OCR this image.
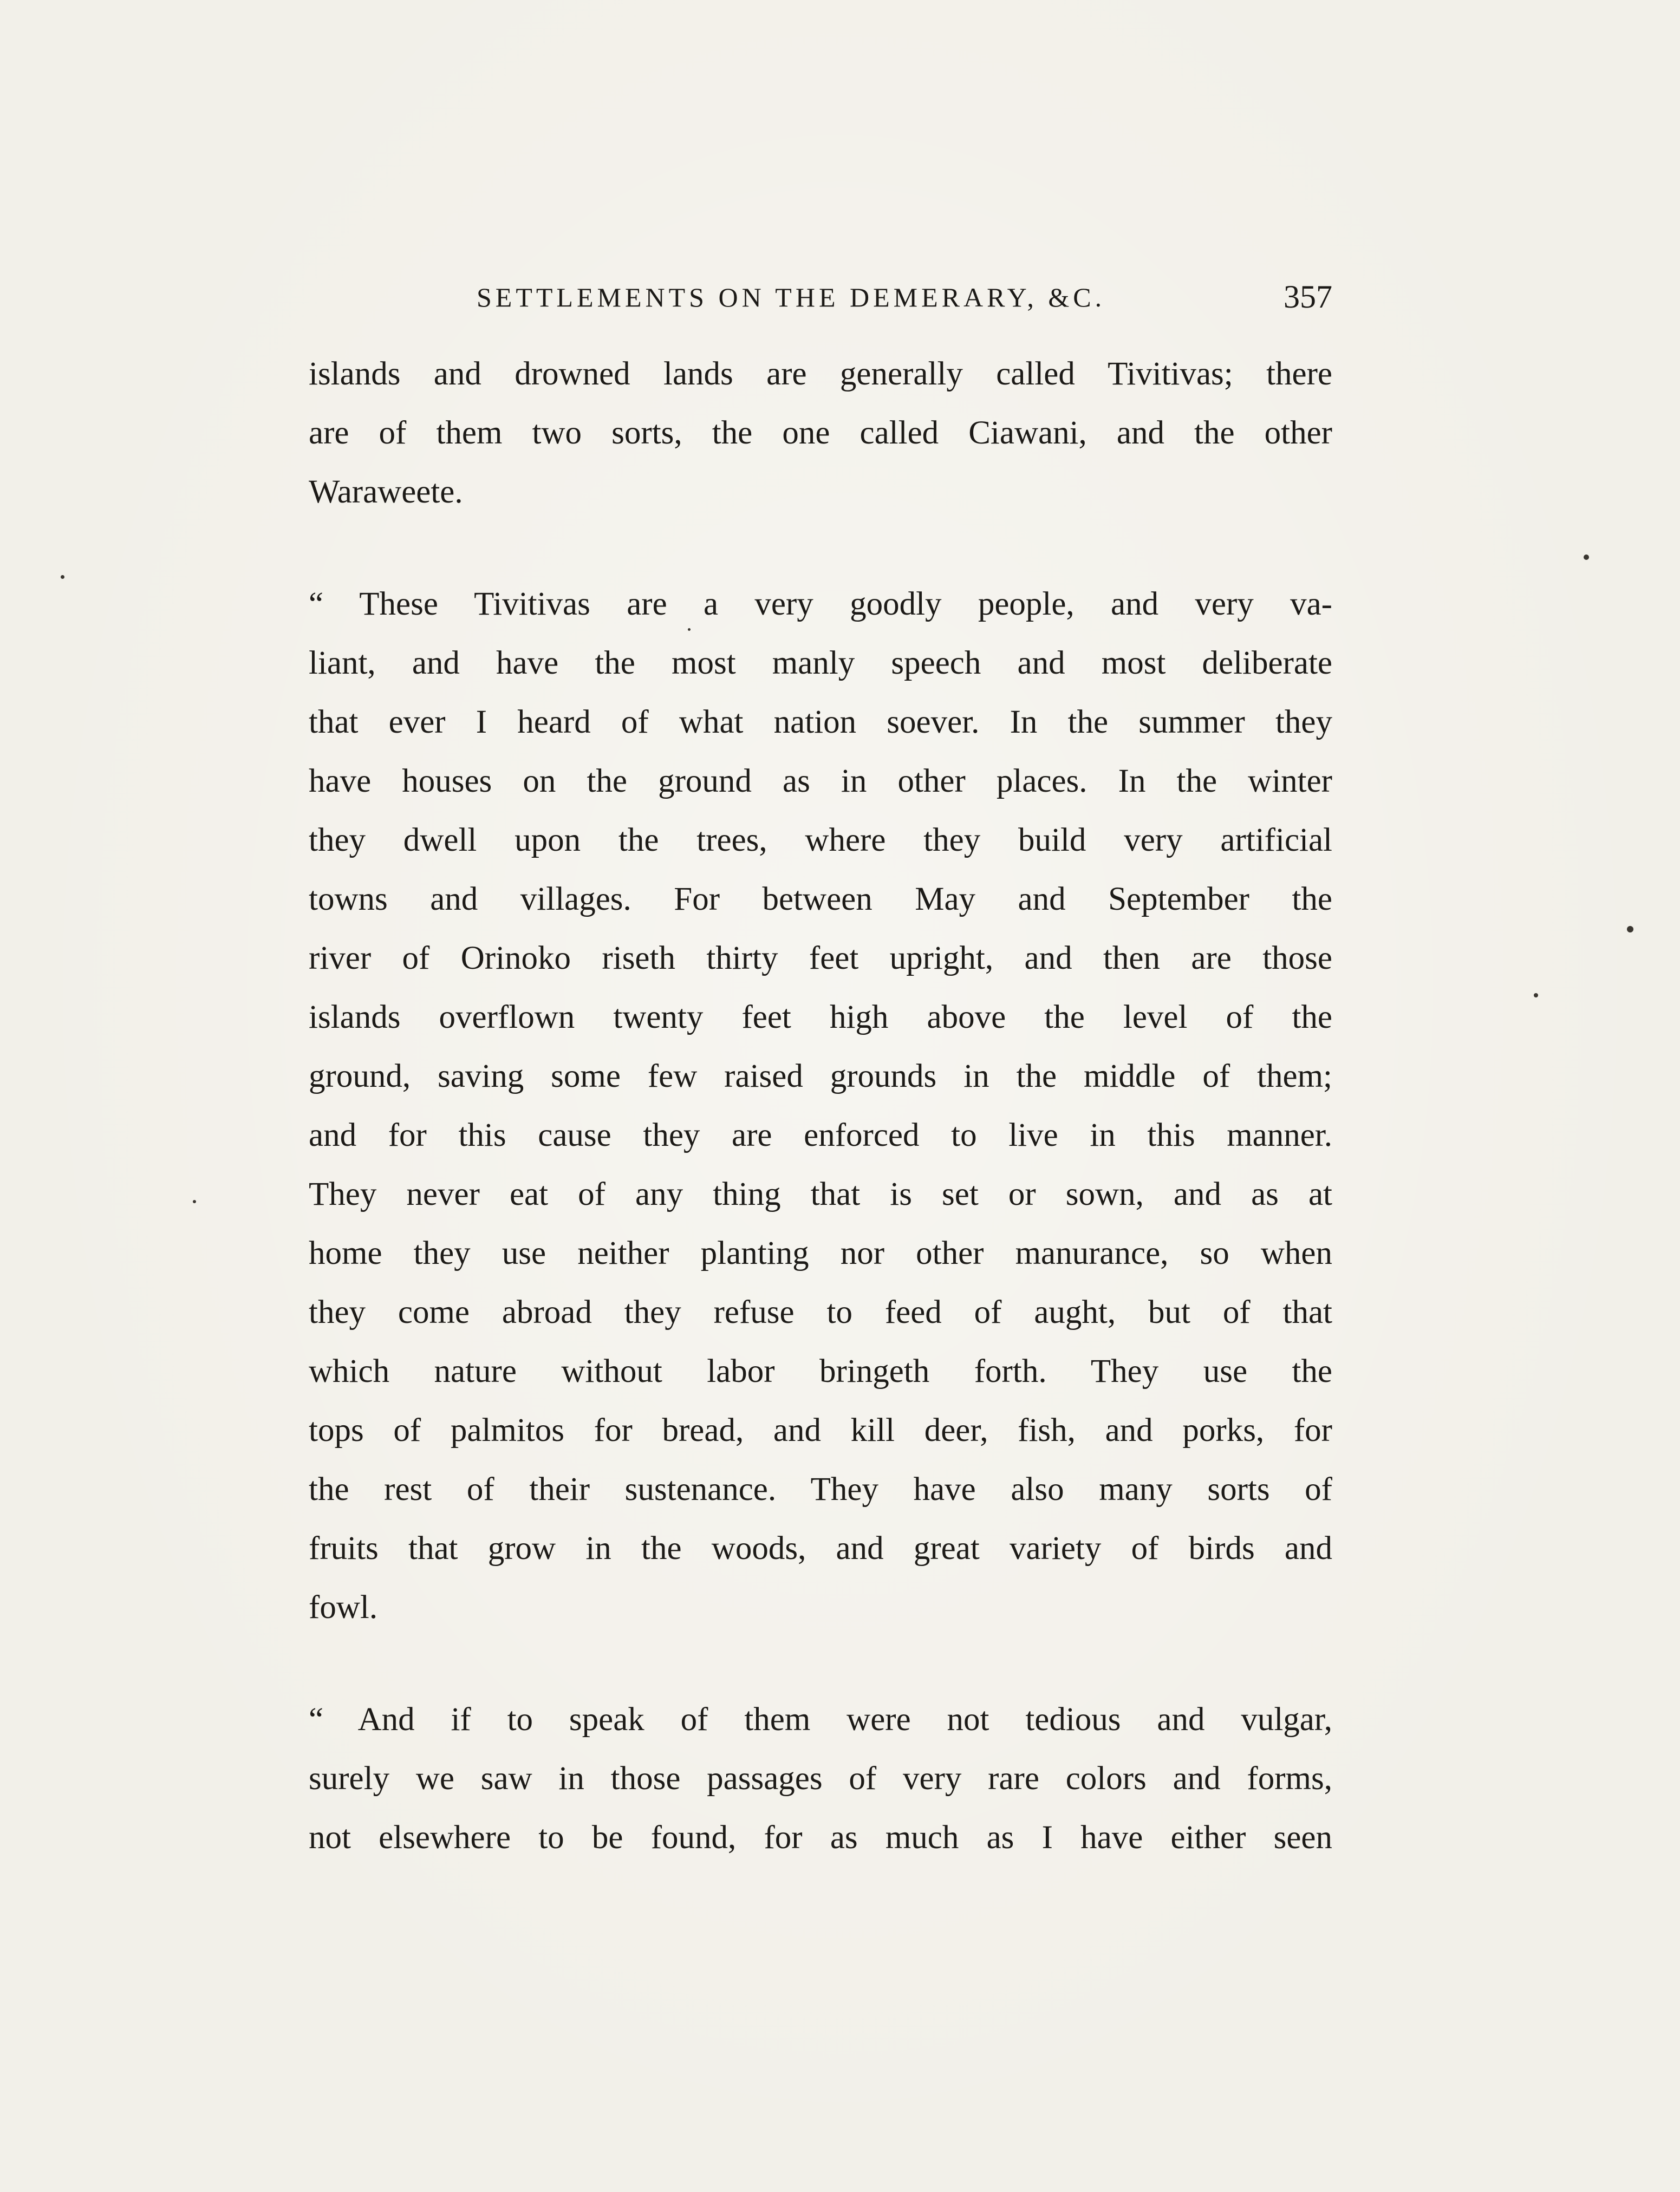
SETTLEMENTS ON THE DEMERARY, &C.	357
islands and drowned lands are generally called Tivitivas; there
are of them two sorts, the one called Ciawani, and the other
Waraweete.
“ These Tivitivas are a very goodly people, and very va-
liant, and have the most manly speech and most deliberate
that ever I heard of what nation soever. In the summer they
have houses on the ground as in other places. In the winter
they dwell upon the trees, where they build very artificial
towns and villages. For between May and September the
river of Orinoko riseth thirty feet upright, and then are those
islands overflown twenty feet high above the level of the
ground, saving some few raised grounds in the middle of them;
and for this cause they are enforced to live in this manner.
They never eat of any thing that is set or sown, and as at
home they use neither planting nor other manurance, so when
they come abroad they refuse to feed of aught, but of that
which nature without labor bringeth forth. They use the
tops of palmitos for bread, and kill deer, fish, and porks, for
the rest of their sustenance. They have also many sorts of
fruits that grow in the woods, and great variety of birds and
fowl.
“ And if to speak of them were not tedious and vulgar,
surely we saw in those passages of very rare colors and forms,
not elsewhere to be found, for as much as I have either seen
